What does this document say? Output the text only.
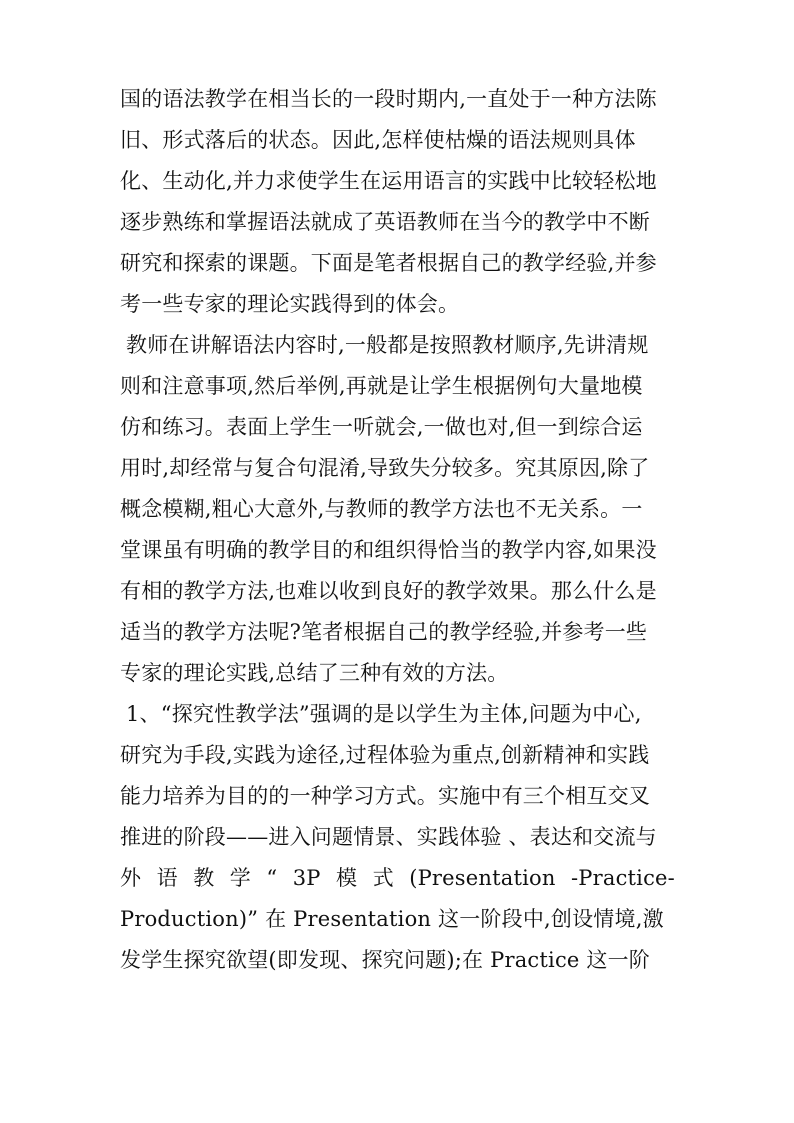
国的语法教学在相当长的一段时期内,一直处于一种方法陈
旧、形式落后的状态。因此,怎样使枯燥的语法规则具体
化、生动化,并力求使学生在运用语言的实践中比较轻松地
逐步熟练和掌握语法就成了英语教师在当今的教学中不断
研究和探索的课题。下面是笔者根据自己的教学经验,并参
考一些专家的理论实践得到的体会。
教师在讲解语法内容时,一般都是按照教材顺序,先讲清规
则和注意事项,然后举例,再就是让学生根据例句大量地模
仿和练习。表面上学生一听就会,一做也对,但一到综合运
用时,却经常与复合句混淆,导致失分较多。究其原因,除了
概念模糊,粗心大意外,与教师的教学方法也不无关系。一
堂课虽有明确的教学目的和组织得恰当的教学内容,如果没
有相的教学方法,也难以收到良好的教学效果。那么什么是
适当的教学方法呢?笔者根据自己的教学经验,并参考一些
专家的理论实践,总结了三种有效的方法。
1、“探究性教学法”强调的是以学生为主体,问题为中心,
研究为手段,实践为途径,过程体验为重点,创新精神和实践
能力培养为目的的一种学习方式。实施中有三个相互交叉
推进的阶段——进入问题情景、实践体验 、表达和交流与
外 语 教 学 “ 3P 模 式 (Presentation -Practice-
Production)” 在 Presentation 这一阶段中,创设情境,激
发学生探究欲望(即发现、探究问题);在 Practice 这一阶
